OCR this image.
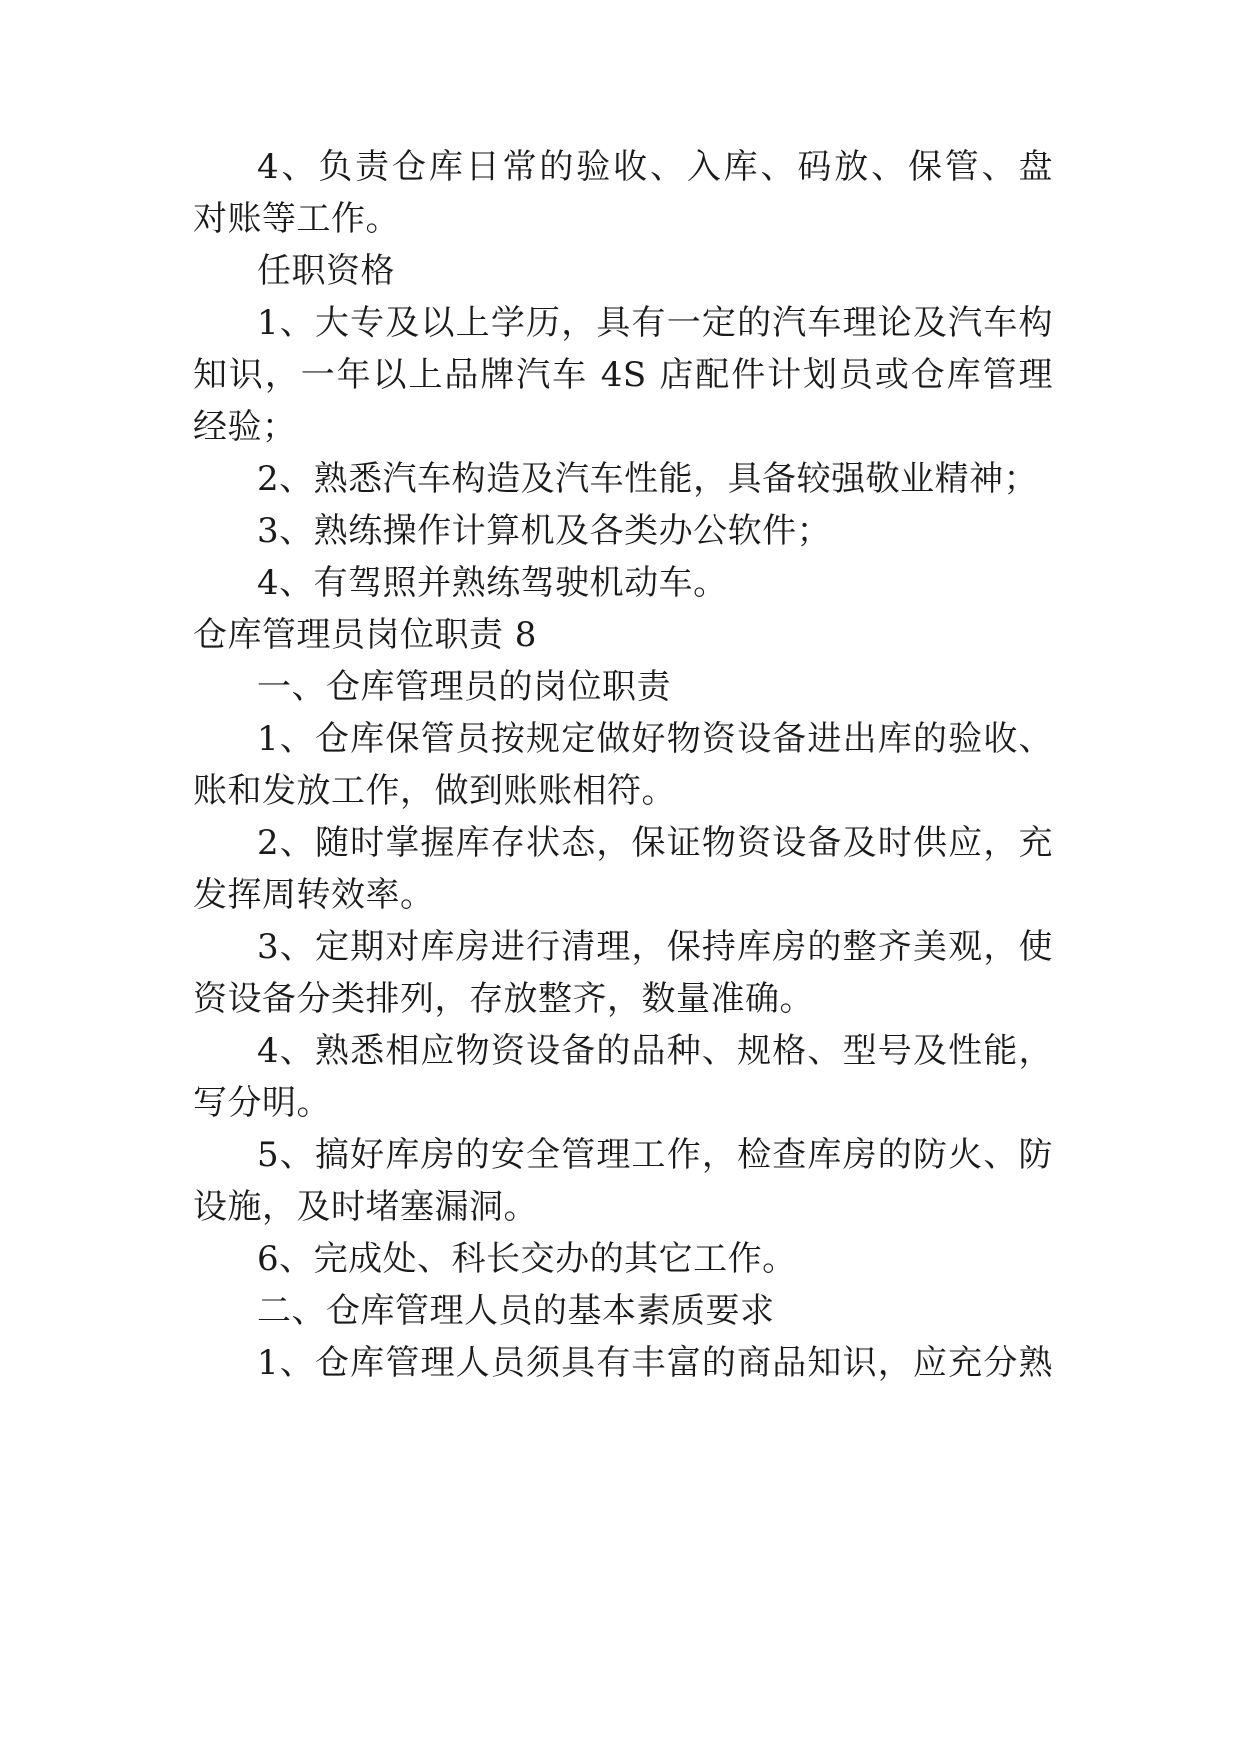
4、负责仓库日常的验收、入库、码放、保管、盘
对账等工作。
任职资格
1、大专及以上学历，具有一定的汽车理论及汽车构
知识，一年以上品牌汽车 4S 店配件计划员或仓库管理
经验；
2、熟悉汽车构造及汽车性能，具备较强敬业精神；
3、熟练操作计算机及各类办公软件；
4、有驾照并熟练驾驶机动车。
仓库管理员岗位职责 8
一、仓库管理员的岗位职责
1、仓库保管员按规定做好物资设备进出库的验收、
账和发放工作，做到账账相符。
2、随时掌握库存状态，保证物资设备及时供应，充
发挥周转效率。
3、定期对库房进行清理，保持库房的整齐美观，使
资设备分类排列，存放整齐，数量准确。
4、熟悉相应物资设备的品种、规格、型号及性能，
写分明。
5、搞好库房的安全管理工作，检查库房的防火、防
设施，及时堵塞漏洞。
6、完成处、科长交办的其它工作。
二、仓库管理人员的基本素质要求
1、仓库管理人员须具有丰富的商品知识，应充分熟
